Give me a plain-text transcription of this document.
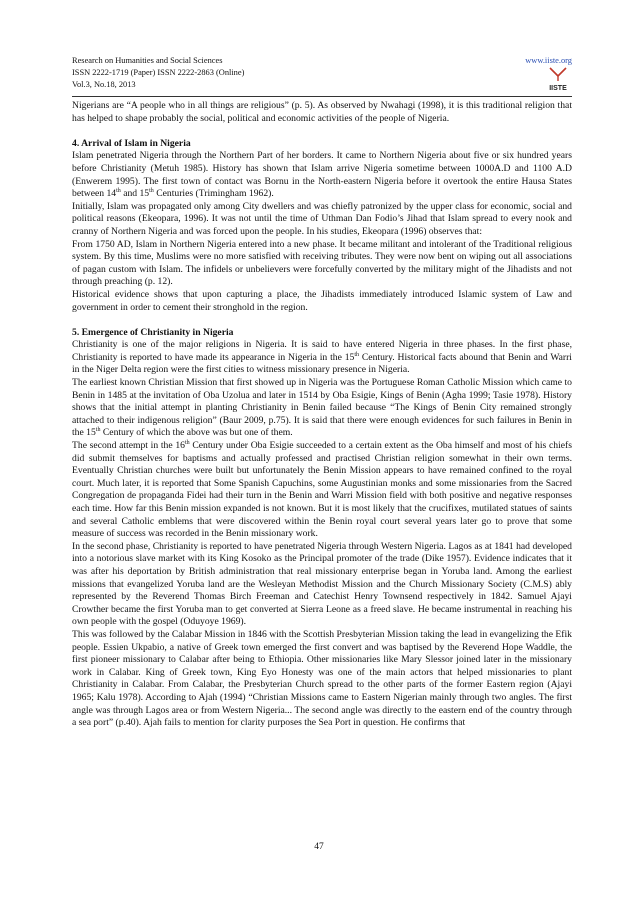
Research on Humanities and Social Sciences
ISSN 2222-1719 (Paper) ISSN 2222-2863 (Online)
Vol.3, No.18, 2013
www.iiste.org
IISTE

Nigerians are “A people who in all things are religious” (p. 5). As observed by Nwahagi (1998), it is this traditional religion that has helped to shape probably the social, political and economic activities of the people of Nigeria.

4. Arrival of Islam in Nigeria

Islam penetrated Nigeria through the Northern Part of her borders. It came to Northern Nigeria about five or six hundred years before Christianity (Metuh 1985). History has shown that Islam arrive Nigeria sometime between 1000A.D and 1100 A.D (Enwerem 1995). The first town of contact was Bornu in the North-eastern Nigeria before it overtook the entire Hausa States between 14th and 15th Centuries (Trimingham 1962).

Initially, Islam was propagated only among City dwellers and was chiefly patronized by the upper class for economic, social and political reasons (Ekeopara, 1996). It was not until the time of Uthman Dan Fodio’s Jihad that Islam spread to every nook and cranny of Northern Nigeria and was forced upon the people. In his studies, Ekeopara (1996) observes that:

From 1750 AD, Islam in Northern Nigeria entered into a new phase. It became militant and intolerant of the Traditional religious system. By this time, Muslims were no more satisfied with receiving tributes. They were now bent on wiping out all associations of pagan custom with Islam. The infidels or unbelievers were forcefully converted by the military might of the Jihadists and not through preaching (p. 12).

Historical evidence shows that upon capturing a place, the Jihadists immediately introduced Islamic system of Law and government in order to cement their stronghold in the region.

5. Emergence of Christianity in Nigeria

Christianity is one of the major religions in Nigeria. It is said to have entered Nigeria in three phases. In the first phase, Christianity is reported to have made its appearance in Nigeria in the 15th Century. Historical facts abound that Benin and Warri in the Niger Delta region were the first cities to witness missionary presence in Nigeria.

The earliest known Christian Mission that first showed up in Nigeria was the Portuguese Roman Catholic Mission which came to Benin in 1485 at the invitation of Oba Uzolua and later in 1514 by Oba Esigie, Kings of Benin (Agha 1999; Tasie 1978). History shows that the initial attempt in planting Christianity in Benin failed because “The Kings of Benin City remained strongly attached to their indigenous religion” (Baur 2009, p.75). It is said that there were enough evidences for such failures in Benin in the 15th Century of which the above was but one of them.

The second attempt in the 16th Century under Oba Esigie succeeded to a certain extent as the Oba himself and most of his chiefs did submit themselves for baptisms and actually professed and practised Christian religion somewhat in their own terms. Eventually Christian churches were built but unfortunately the Benin Mission appears to have remained confined to the royal court. Much later, it is reported that Some Spanish Capuchins, some Augustinian monks and some missionaries from the Sacred Congregation de propaganda Fidei had their turn in the Benin and Warri Mission field with both positive and negative responses each time. How far this Benin mission expanded is not known. But it is most likely that the crucifixes, mutilated statues of saints and several Catholic emblems that were discovered within the Benin royal court several years later go to prove that some measure of success was recorded in the Benin missionary work.

In the second phase, Christianity is reported to have penetrated Nigeria through Western Nigeria. Lagos as at 1841 had developed into a notorious slave market with its King Kosoko as the Principal promoter of the trade (Dike 1957). Evidence indicates that it was after his deportation by British administration that real missionary enterprise began in Yoruba land. Among the earliest missions that evangelized Yoruba land are the Wesleyan Methodist Mission and the Church Missionary Society (C.M.S) ably represented by the Reverend Thomas Birch Freeman and Catechist Henry Townsend respectively in 1842. Samuel Ajayi Crowther became the first Yoruba man to get converted at Sierra Leone as a freed slave. He became instrumental in reaching his own people with the gospel (Oduyoye 1969).

This was followed by the Calabar Mission in 1846 with the Scottish Presbyterian Mission taking the lead in evangelizing the Efik people. Essien Ukpabio, a native of Greek town emerged the first convert and was baptised by the Reverend Hope Waddle, the first pioneer missionary to Calabar after being to Ethiopia. Other missionaries like Mary Slessor joined later in the missionary work in Calabar. King of Greek town, King Eyo Honesty was one of the main actors that helped missionaries to plant Christianity in Calabar. From Calabar, the Presbyterian Church spread to the other parts of the former Eastern region (Ajayi 1965; Kalu 1978). According to Ajah (1994) “Christian Missions came to Eastern Nigerian mainly through two angles. The first angle was through Lagos area or from Western Nigeria... The second angle was directly to the eastern end of the country through a sea port” (p.40). Ajah fails to mention for clarity purposes the Sea Port in question. He confirms that

47
